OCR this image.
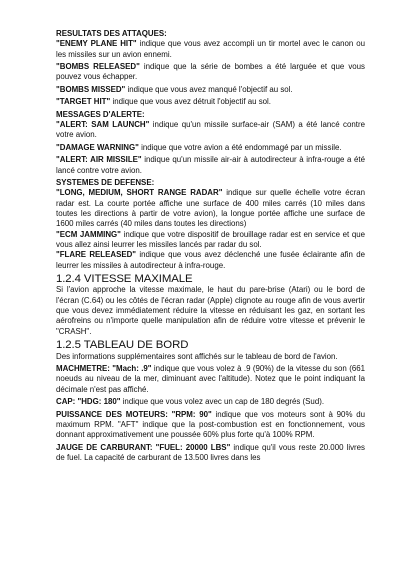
RESULTATS DES ATTAQUES:

"ENEMY PLANE HIT" indique que vous avez accompli un tir mortel avec le canon ou les missiles sur un avion ennemi.

"BOMBS RELEASED" indique que la série de bombes a été larguée et que vous pouvez vous échapper.

"BOMBS MISSED" indique que vous avez manqué l'objectif au sol.

"TARGET HIT" indique que vous avez détruit l'objectif au sol.

MESSAGES D'ALERTE:

"ALERT: SAM LAUNCH" indique qu'un missile surface-air (SAM) a été lancé contre votre avion.

"DAMAGE WARNING" indique que votre avion a été endommagé par un missile.

"ALERT: AIR MISSILE" indique qu'un missile air-air à autodirecteur à infra-rouge a été lancé contre votre avion.

SYSTEMES DE DEFENSE:

"LONG, MEDIUM, SHORT RANGE RADAR" indique sur quelle échelle votre écran radar est. La courte portée affiche une surface de 400 miles carrés (10 miles dans toutes les directions à partir de votre avion), la longue portée affiche une surface de 1600 miles carrés (40 miles dans toutes les directions)

"ECM JAMMING" indique que votre dispositif de brouillage radar est en service et que vous allez ainsi leurrer les missiles lancés par radar du sol.

"FLARE RELEASED" indique que vous avez déclenché une fusée éclairante afin de leurrer les missiles à autodirecteur à infra-rouge.

1.2.4 VITESSE MAXIMALE

Si l'avion approche la vitesse maximale, le haut du pare-brise (Atari) ou le bord de l'écran (C.64) ou les côtés de l'écran radar (Apple) clignote au rouge afin de vous avertir que vous devez immédiatement réduire la vitesse en réduisant les gaz, en sortant les aérofreins ou n'importe quelle manipulation afin de réduire votre vitesse et prévenir le "CRASH".

1.2.5 TABLEAU DE BORD

Des informations supplémentaires sont affichés sur le tableau de bord de l'avion.

MACHMETRE: "Mach: .9" indique que vous volez à .9 (90%) de la vitesse du son (661 noeuds au niveau de la mer, diminuant avec l'altitude). Notez que le point indiquant la décimale n'est pas affiché.

CAP: "HDG: 180" indique que vous volez avec un cap de 180 degrés (Sud).

PUISSANCE DES MOTEURS: "RPM: 90" indique que vos moteurs sont à 90% du maximum RPM. "AFT" indique que la post-combustion est en fonctionnement, vous donnant approximativement une poussée 60% plus forte qu'à 100% RPM.

JAUGE DE CARBURANT: "FUEL: 20000 LBS" indique qu'il vous reste 20.000 livres de fuel. La capacité de carburant de 13.500 livres dans les
